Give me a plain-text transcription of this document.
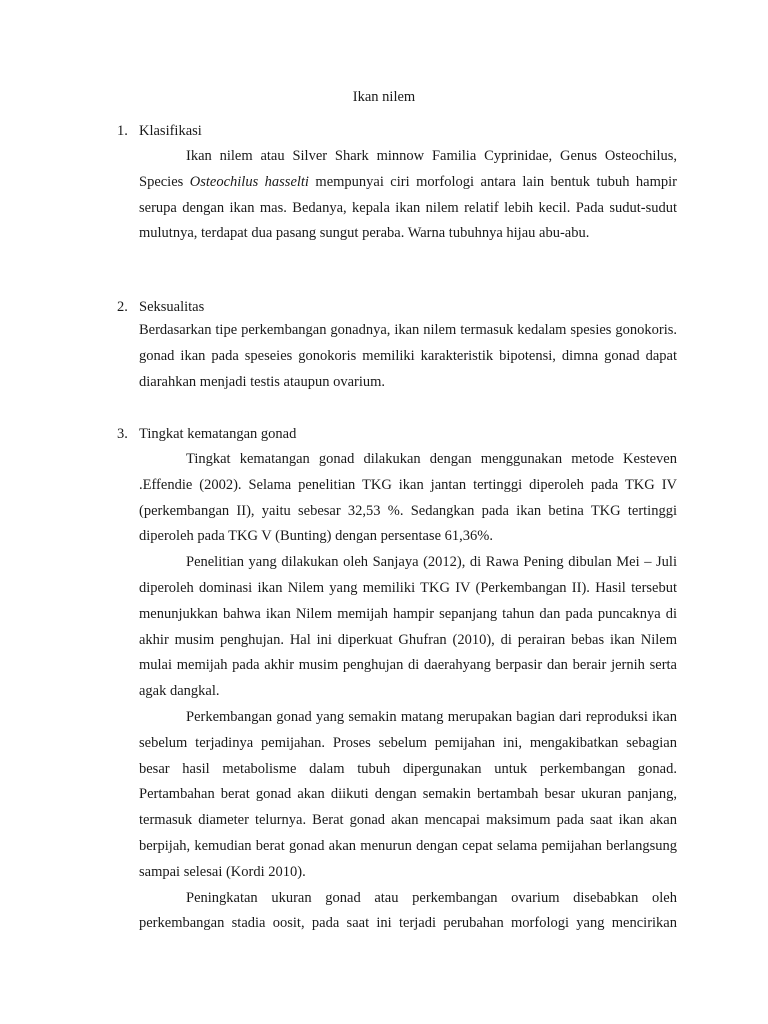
Ikan nilem
1. Klasifikasi

Ikan nilem atau Silver Shark minnow Familia Cyprinidae, Genus Osteochilus, Species Osteochilus hasselti mempunyai ciri morfologi antara lain bentuk tubuh hampir serupa dengan ikan mas. Bedanya, kepala ikan nilem relatif lebih kecil. Pada sudut-sudut mulutnya, terdapat dua pasang sungut peraba. Warna tubuhnya hijau abu-abu.

2. Seksualitas

Berdasarkan tipe perkembangan gonadnya, ikan nilem termasuk kedalam spesies gonokoris. gonad ikan pada speseies gonokoris memiliki karakteristik bipotensi, dimna gonad dapat diarahkan menjadi testis ataupun ovarium.

3. Tingkat kematangan gonad

Tingkat kematangan gonad dilakukan dengan menggunakan metode Kesteven .Effendie (2002). Selama penelitian TKG ikan jantan tertinggi diperoleh pada TKG IV (perkembangan II), yaitu sebesar 32,53 %. Sedangkan pada ikan betina TKG tertinggi diperoleh pada TKG V (Bunting) dengan persentase 61,36%.

Penelitian yang dilakukan oleh Sanjaya (2012), di Rawa Pening dibulan Mei – Juli diperoleh dominasi ikan Nilem yang memiliki TKG IV (Perkembangan II). Hasil tersebut menunjukkan bahwa ikan Nilem memijah hampir sepanjang tahun dan pada puncaknya di akhir musim penghujan. Hal ini diperkuat Ghufran (2010), di perairan bebas ikan Nilem mulai memijah pada akhir musim penghujan di daerahyang berpasir dan berair jernih serta agak dangkal.

Perkembangan gonad yang semakin matang merupakan bagian dari reproduksi ikan sebelum terjadinya pemijahan. Proses sebelum pemijahan ini, mengakibatkan sebagian besar hasil metabolisme dalam tubuh dipergunakan untuk perkembangan gonad. Pertambahan berat gonad akan diikuti dengan semakin bertambah besar ukuran panjang, termasuk diameter telurnya. Berat gonad akan mencapai maksimum pada saat ikan akan berpijah, kemudian berat gonad akan menurun dengan cepat selama pemijahan berlangsung sampai selesai (Kordi 2010).

Peningkatan ukuran gonad atau perkembangan ovarium disebabkan oleh perkembangan stadia oosit, pada saat ini terjadi perubahan morfologi yang mencirikan
